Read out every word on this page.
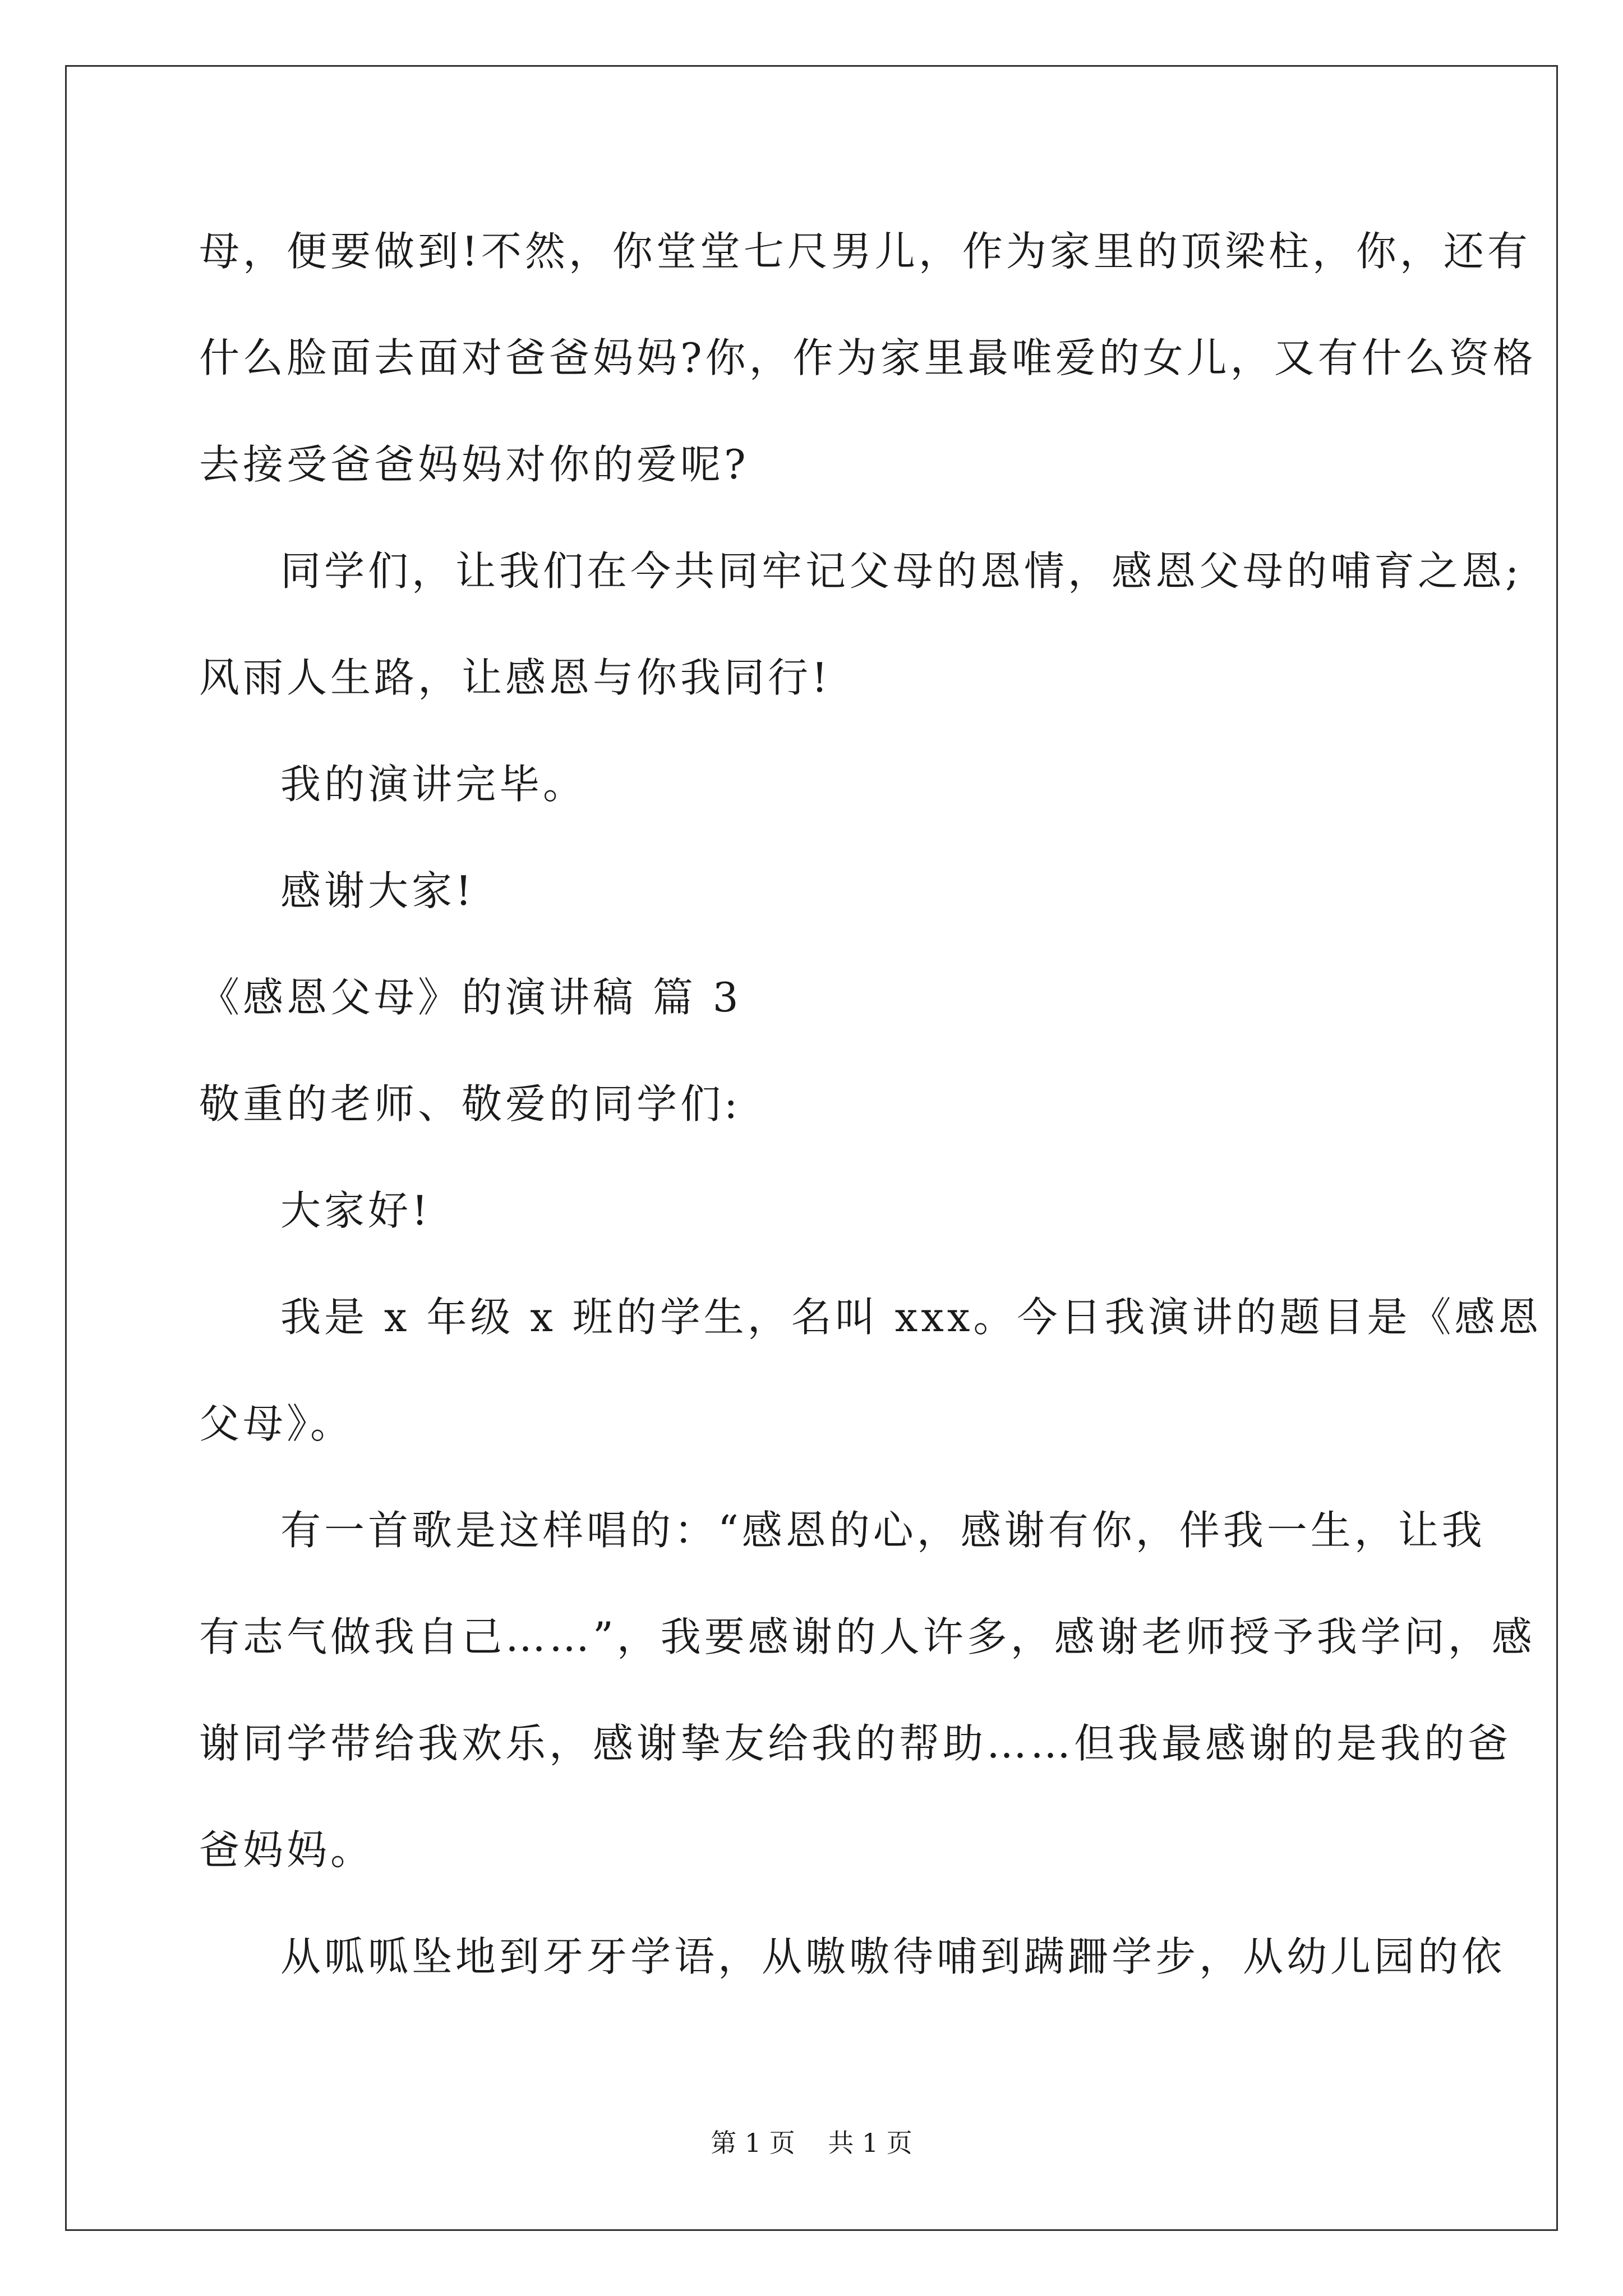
母，便要做到!不然，你堂堂七尺男儿，作为家里的顶梁柱，你，还有
什么脸面去面对爸爸妈妈?你，作为家里最唯爱的女儿，又有什么资格
去接受爸爸妈妈对你的爱呢?
同学们，让我们在今共同牢记父母的恩情，感恩父母的哺育之恩;
风雨人生路，让感恩与你我同行!
我的演讲完毕。
感谢大家!
《感恩父母》的演讲稿 篇 3
敬重的老师、敬爱的同学们:
大家好!
我是 x 年级 x 班的学生，名叫 xxx。今日我演讲的题目是《感恩
父母》。
有一首歌是这样唱的：“感恩的心，感谢有你，伴我一生，让我
有志气做我自己……”，我要感谢的人许多，感谢老师授予我学问，感
谢同学带给我欢乐，感谢挚友给我的帮助……但我最感谢的是我的爸
爸妈妈。
从呱呱坠地到牙牙学语，从嗷嗷待哺到蹒跚学步，从幼儿园的依
第 1 页    共 1 页
